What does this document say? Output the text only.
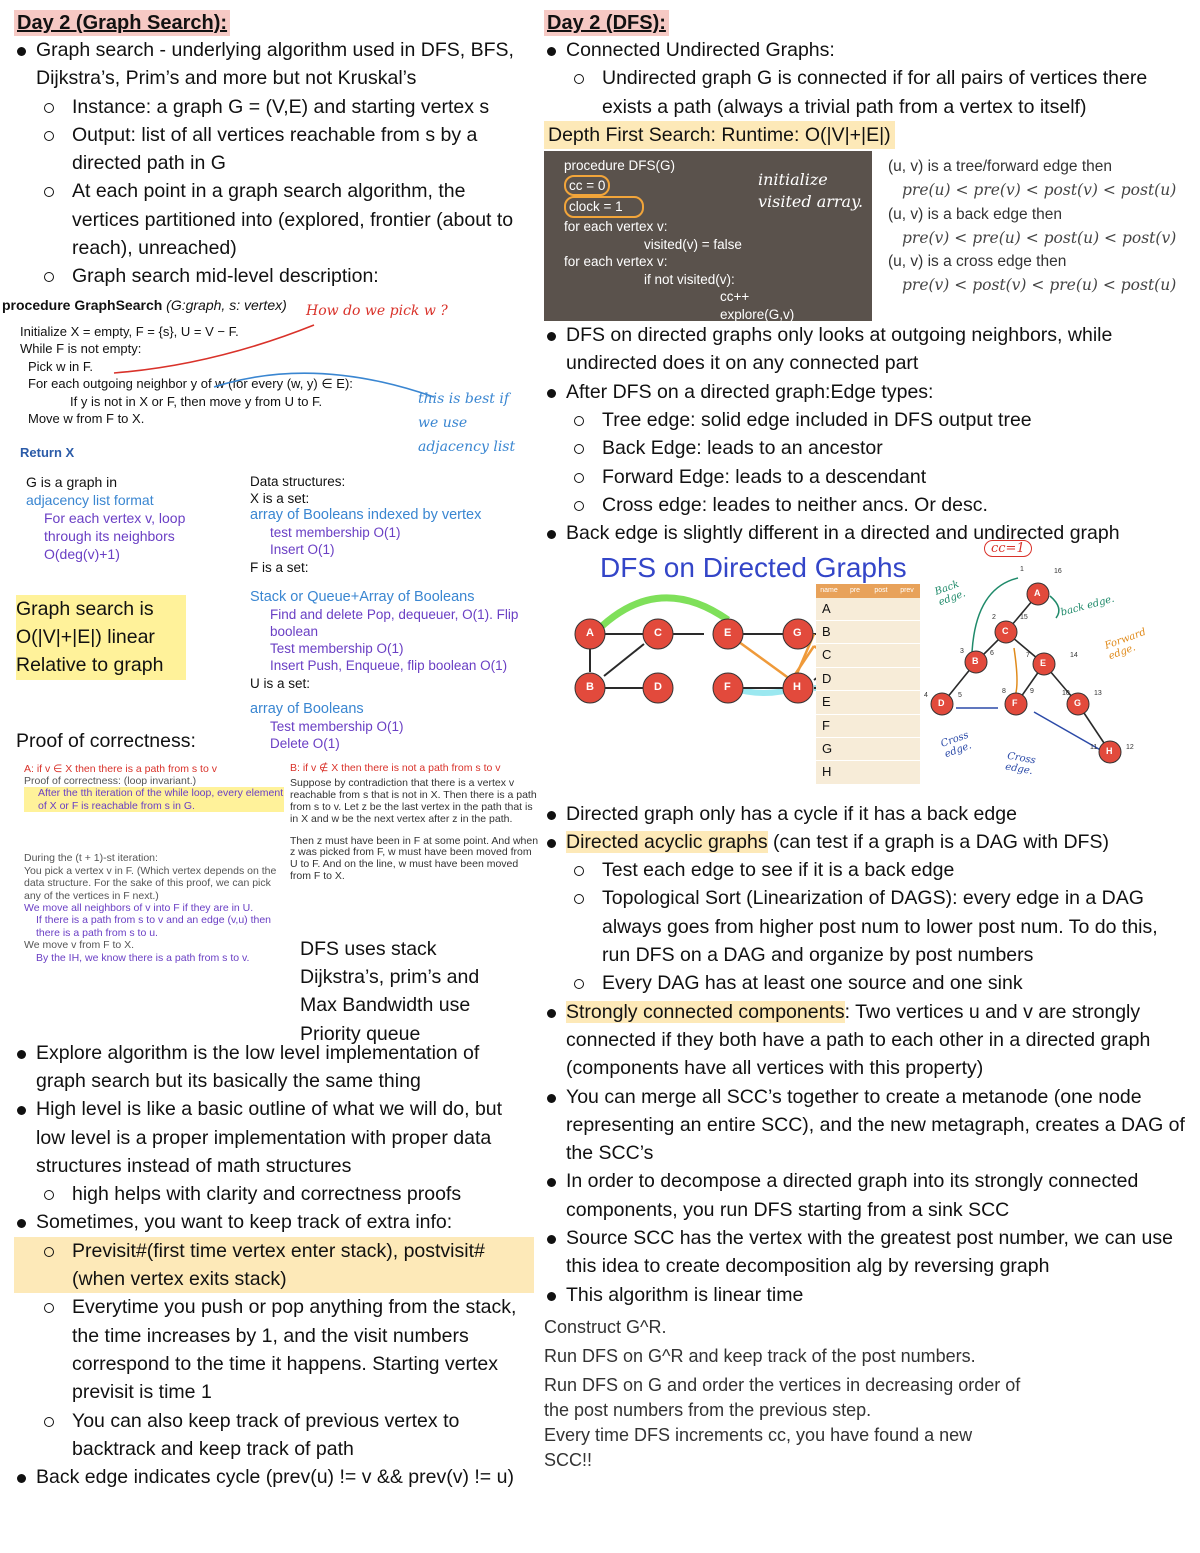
Day 2 (Graph Search):
Graph search - underlying algorithm used in DFS, BFS, Dijkstra’s, Prim’s and more but not Kruskal’s
Instance: a graph G = (V,E) and starting vertex s
Output: list of all vertices reachable from s by a directed path in G
At each point in a graph search algorithm, the vertices partitioned into (explored, frontier (about to reach), unreached)
Graph search mid-level description:
procedure GraphSearch (G:graph, s: vertex)
Initialize X = empty, F = {s}, U = V − F.
While F is not empty:
Pick w in F.
For each outgoing neighbor y of w (for every (w, y) ∈ E):
If y is not in X or F, then move y from U to F.
Move w from F to X.
Return X
How do we pick w ?
this is best if we use adjacency list
G is a graph in
adjacency list format
For each vertex v, loop through its neighbors
O(deg(v)+1)
Data structures:
X is a set:
array of Booleans indexed by vertex
test membership O(1)
Insert O(1)
F is a set:
Graph search is
O(|V|+|E|) linear
Relative to graph
Stack or Queue+Array of Booleans
Find and delete Pop, dequeuer, O(1). Flip boolean
Test membership O(1)
Insert Push, Enqueue, flip boolean O(1)
U is a set:
Proof of correctness:
array of Booleans
Test membership O(1)
Delete O(1)
A: if v ∈ X then there is a path from s to v
Proof of correctness: (loop invariant.)
After the tth iteration of the while loop, every element of X or F is reachable from s in G.
During the (t + 1)-st iteration:
You pick a vertex v in F. (Which vertex depends on the data structure. For the sake of this proof, we can pick any of the vertices in F next.)
We move all neighbors of v into F if they are in U.
If there is a path from s to v and an edge (v,u) then there is a path from s to u.
We move v from F to X.
By the IH, we know there is a path from s to v.
B: if v ∉ X then there is not a path from s to v
Suppose by contradiction that there is a vertex v reachable from s that is not in X. Then there is a path from s to v. Let z be the last vertex in the path that is in X and w be the next vertex after z in the path.
Then z must have been in F at some point. And when z was picked from F, w must have been moved from U to F. And on the line, w must have been moved from F to X.
DFS uses stack
Dijkstra’s, prim’s and
Max Bandwidth use
Priority queue
Explore algorithm is the low level implementation of graph search but its basically the same thing
High level is like a basic outline of what we will do, but low level is a proper implementation with proper data structures instead of math structures
high helps with clarity and correctness proofs
Sometimes, you want to keep track of extra info:
Previsit#(first time vertex enter stack), postvisit#(when vertex exits stack)
Everytime you push or pop anything from the stack, the time increases by 1, and the visit numbers correspond to the time it happens. Starting vertex previsit is time 1
You can also keep track of previous vertex to backtrack and keep track of path
Back edge indicates cycle (prev(u) != v && prev(v) != u)
Day 2 (DFS):
Connected Undirected Graphs:
Undirected graph G is connected if for all pairs of vertices there exists a path (always a trivial path from a vertex to itself)
Depth First Search: Runtime: O(|V|+|E|)
procedure DFS(G)
cc = 0
clock = 1
for each vertex v:
visited(v) = false
for each vertex v:
if not visited(v):
cc++
explore(G,v)
initialize visited array.
(u, v) is a tree/forward edge then
pre(u) < pre(v) < post(v) < post(u)
(u, v) is a back edge then
pre(v) < pre(u) < post(u) < post(v)
(u, v) is a cross edge then
pre(v) < post(v) < pre(u) < post(u)
DFS on directed graphs only looks at outgoing neighbors, while undirected does it on any connected part
After DFS on a directed graph:Edge types:
Tree edge: solid edge included in DFS output tree
Back Edge: leads to an ancestor
Forward Edge: leads to a descendant
Cross edge: leades to neither ancs. Or desc.
Back edge is slightly different in a directed and undirected graph
DFS on Directed Graphs
A
B
C
D
E
F
G
H
name	pre	post	prev
A
B
C
D
E
F
G
H
A
C
B	E
D	F	G
H
cc=1
Back edge.	back edge.
Forward edge.
Cross edge.	Cross edge.
1	16
2	15
3	6	7	14
4	5
8	9	10	13
11	12
Directed graph only has a cycle if it has a back edge
Directed acyclic graphs (can test if a graph is a DAG with DFS)
Test each edge to see if it is a back edge
Topological Sort (Linearization of DAGS): every edge in a DAG always goes from higher post num to lower post num. To do this, run DFS on a DAG and organize by post numbers
Every DAG has at least one source and one sink
Strongly connected components: Two vertices u and v are strongly connected if they both have a path to each other in a directed graph (components have all vertices with this property)
You can merge all SCC’s together to create a metanode (one node representing an entire SCC), and the new metagraph, creates a DAG of the SCC’s
In order to decompose a directed graph into its strongly connected components, you run DFS starting from a sink SCC
Source SCC has the vertex with the greatest post number, we can use this idea to create decomposition alg by reversing graph
This algorithm is linear time
Construct G^R.
Run DFS on G^R and keep track of the post numbers.
Run DFS on G and order the vertices in decreasing order of the post numbers from the previous step.
Every time DFS increments cc, you have found a new SCC!!
